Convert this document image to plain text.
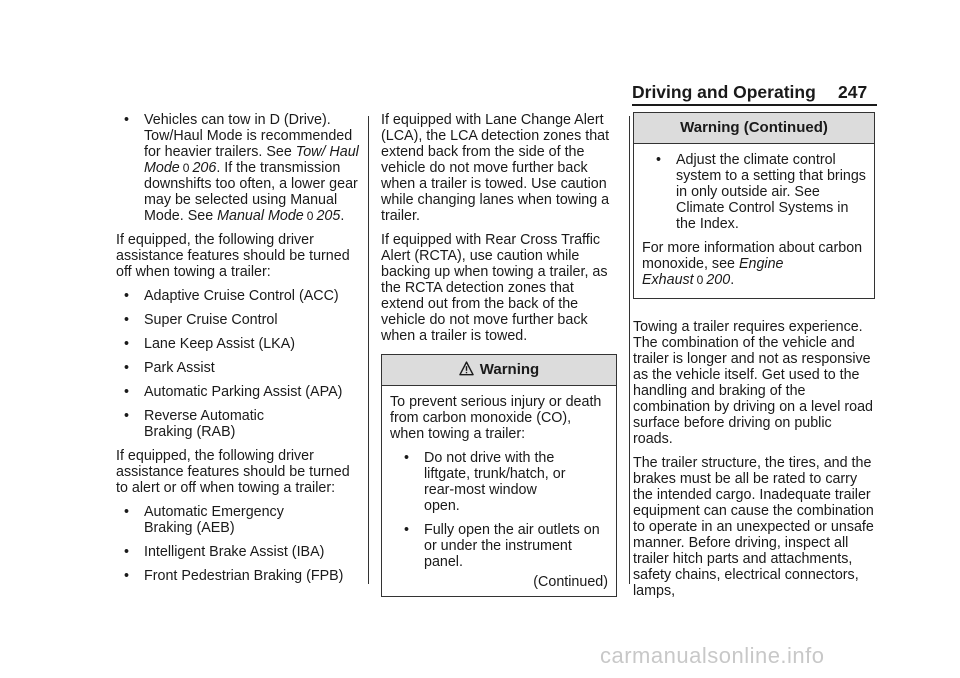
Driving and Operating 247
• Vehicles can tow in D (Drive). Tow/Haul Mode is recommended for heavier trailers. See Tow/ Haul Mode 0 206. If the transmission downshifts too often, a lower gear may be selected using Manual Mode. See Manual Mode 0 205.

If equipped, the following driver assistance features should be turned off when towing a trailer:

• Adaptive Cruise Control (ACC)
• Super Cruise Control
• Lane Keep Assist (LKA)
• Park Assist
• Automatic Parking Assist (APA)
• Reverse Automatic Braking (RAB)

If equipped, the following driver assistance features should be turned to alert or off when towing a trailer:

• Automatic Emergency Braking (AEB)
• Intelligent Brake Assist (IBA)
• Front Pedestrian Braking (FPB)

If equipped with Lane Change Alert (LCA), the LCA detection zones that extend back from the side of the vehicle do not move further back when a trailer is towed. Use caution while changing lanes when towing a trailer.

If equipped with Rear Cross Traffic Alert (RCTA), use caution while backing up when towing a trailer, as the RCTA detection zones that extend out from the back of the vehicle do not move further back when a trailer is towed.

Warning

To prevent serious injury or death from carbon monoxide (CO), when towing a trailer:

• Do not drive with the liftgate, trunk/hatch, or rear-most window open.
• Fully open the air outlets on or under the instrument panel.
(Continued)
Warning (Continued)
• Adjust the climate control system to a setting that brings in only outside air. See Climate Control Systems in the Index.

For more information about carbon monoxide, see Engine Exhaust 0 200.

Towing a trailer requires experience. The combination of the vehicle and trailer is longer and not as responsive as the vehicle itself. Get used to the handling and braking of the combination by driving on a level road surface before driving on public roads.

The trailer structure, the tires, and the brakes must be all be rated to carry the intended cargo. Inadequate trailer equipment can cause the combination to operate in an unexpected or unsafe manner. Before driving, inspect all trailer hitch parts and attachments, safety chains, electrical connectors, lamps,

carmanualsonline.info
